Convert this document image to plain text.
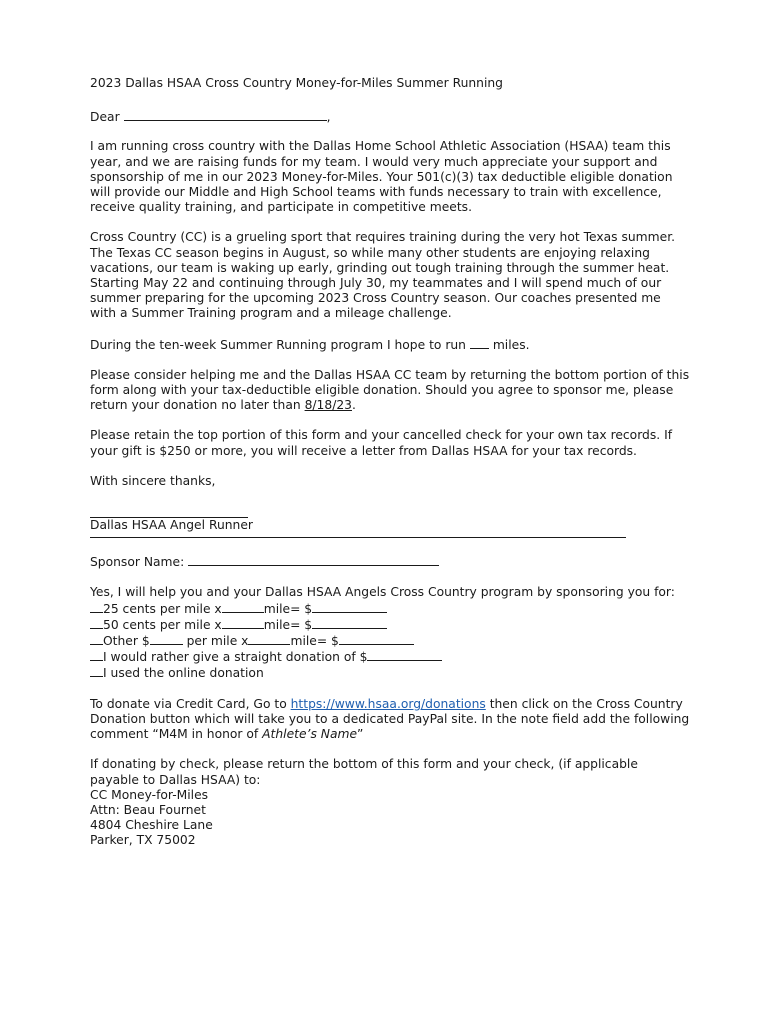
2023 Dallas HSAA Cross Country Money-for-Miles Summer Running

Dear	,

I am running cross country with the Dallas Home School Athletic Association (HSAA) team this year, and we are raising funds for my team. I would very much appreciate your support and sponsorship of me in our 2023 Money-for-Miles. Your 501(c)(3) tax deductible eligible donation will provide our Middle and High School teams with funds necessary to train with excellence, receive quality training, and participate in competitive meets.

Cross Country (CC) is a grueling sport that requires training during the very hot Texas summer. The Texas CC season begins in August, so while many other students are enjoying relaxing vacations, our team is waking up early, grinding out tough training through the summer heat. Starting May 22 and continuing through July 30, my teammates and I will spend much of our summer preparing for the upcoming 2023 Cross Country season. Our coaches presented me with a Summer Training program and a mileage challenge.

During the ten-week Summer Running program I hope to run miles.

Please consider helping me and the Dallas HSAA CC team by returning the bottom portion of this form along with your tax-deductible eligible donation. Should you agree to sponsor me, please return your donation no later than 8/18/23.

Please retain the top portion of this form and your cancelled check for your own tax records. If your gift is $250 or more, you will receive a letter from Dallas HSAA for your tax records.

With sincere thanks,

Dallas HSAA Angel Runner

Sponsor Name:

Yes, I will help you and your Dallas HSAA Angels Cross Country program by sponsoring you for:

25 cents per mile x	mile= $
50 cents per mile x	mile= $
Other $	per mile x	mile= $
I would rather give a straight donation of $
I used the online donation

To donate via Credit Card, Go to https://www.hsaa.org/donations then click on the Cross Country Donation button which will take you to a dedicated PayPal site. In the note field add the following comment “M4M in honor of Athlete’s Name”

If donating by check, please return the bottom of this form and your check, (if applicable payable to Dallas HSAA) to:

CC Money-for-Miles

Attn: Beau Fournet

4804 Cheshire Lane

Parker, TX 75002
